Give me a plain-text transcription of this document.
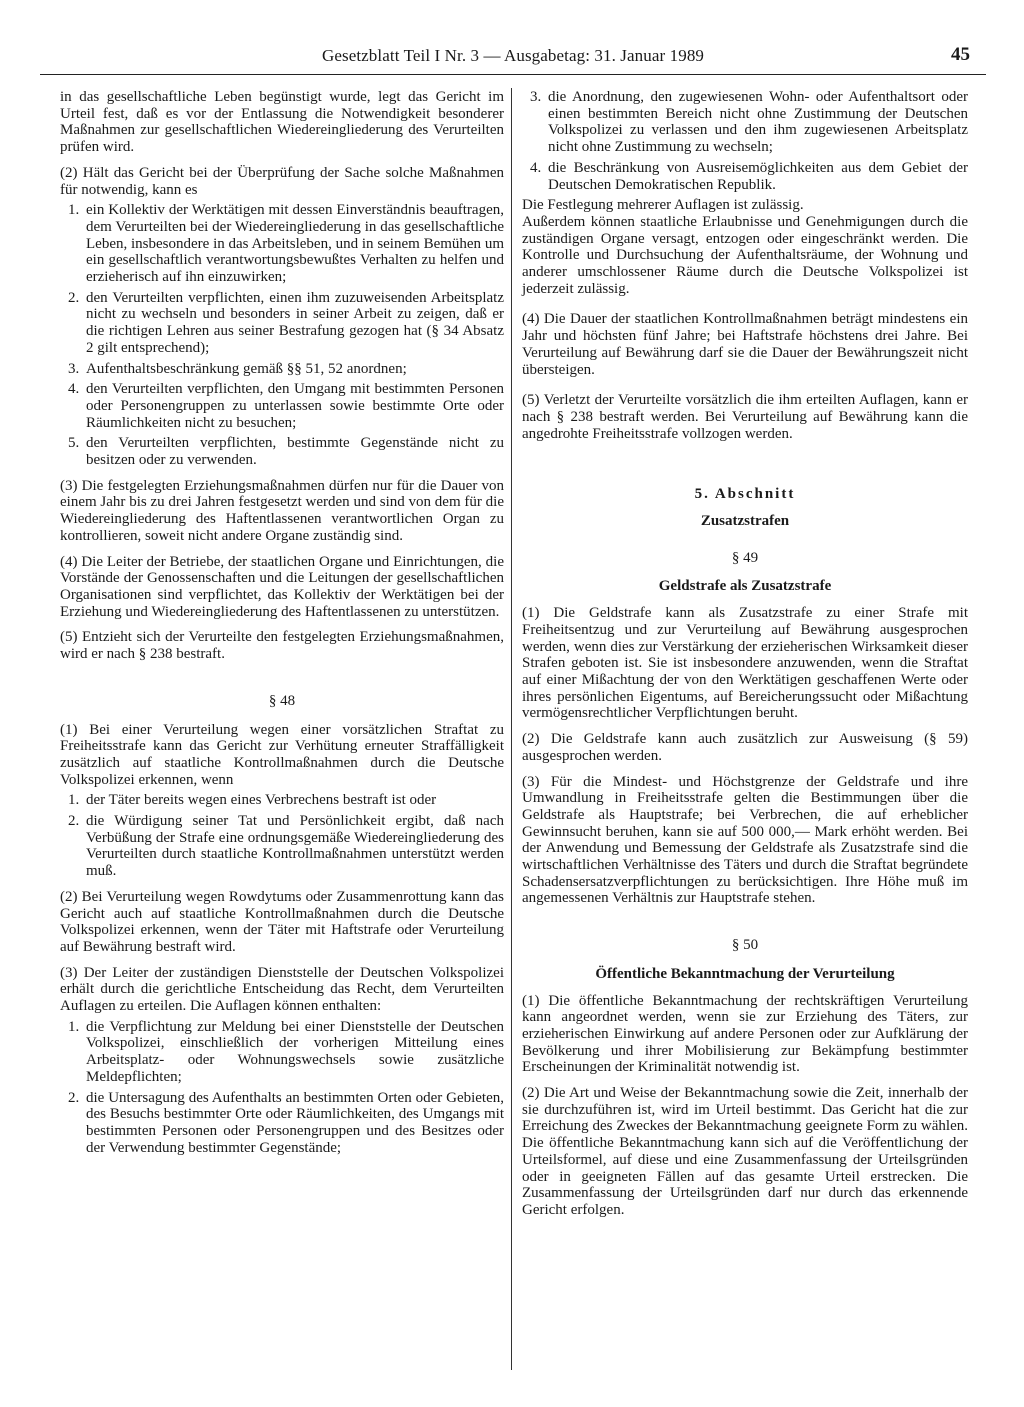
Gesetzblatt Teil I Nr. 3 — Ausgabetag: 31. Januar 1989	45

in das gesellschaftliche Leben begünstigt wurde, legt das Gericht im Urteil fest, daß es vor der Entlassung die Notwendigkeit besonderer Maßnahmen zur gesellschaftlichen Wiedereingliederung des Verurteilten prüfen wird.

(2) Hält das Gericht bei der Überprüfung der Sache solche Maßnahmen für notwendig, kann es

1. ein Kollektiv der Werktätigen mit dessen Einverständnis beauftragen, dem Verurteilten bei der Wiedereingliederung in das gesellschaftliche Leben, insbesondere in das Arbeitsleben, und in seinem Bemühen um ein gesellschaftlich verantwortungsbewußtes Verhalten zu helfen und erzieherisch auf ihn einzuwirken;
2. den Verurteilten verpflichten, einen ihm zuzuweisenden Arbeitsplatz nicht zu wechseln und besonders in seiner Arbeit zu zeigen, daß er die richtigen Lehren aus seiner Bestrafung gezogen hat (§ 34 Absatz 2 gilt entsprechend);
3. Aufenthaltsbeschränkung gemäß §§ 51, 52 anordnen;
4. den Verurteilten verpflichten, den Umgang mit bestimmten Personen oder Personengruppen zu unterlassen sowie bestimmte Orte oder Räumlichkeiten nicht zu besuchen;
5. den Verurteilten verpflichten, bestimmte Gegenstände nicht zu besitzen oder zu verwenden.

(3) Die festgelegten Erziehungsmaßnahmen dürfen nur für die Dauer von einem Jahr bis zu drei Jahren festgesetzt werden und sind von dem für die Wiedereingliederung des Haftentlassenen verantwortlichen Organ zu kontrollieren, soweit nicht andere Organe zuständig sind.

(4) Die Leiter der Betriebe, der staatlichen Organe und Einrichtungen, die Vorstände der Genossenschaften und die Leitungen der gesellschaftlichen Organisationen sind verpflichtet, das Kollektiv der Werktätigen bei der Erziehung und Wiedereingliederung des Haftentlassenen zu unterstützen.

(5) Entzieht sich der Verurteilte den festgelegten Erziehungsmaßnahmen, wird er nach § 238 bestraft.

§ 48

(1) Bei einer Verurteilung wegen einer vorsätzlichen Straftat zu Freiheitsstrafe kann das Gericht zur Verhütung erneuter Straffälligkeit zusätzlich auf staatliche Kontrollmaßnahmen durch die Deutsche Volkspolizei erkennen, wenn

1. der Täter bereits wegen eines Verbrechens bestraft ist oder
2. die Würdigung seiner Tat und Persönlichkeit ergibt, daß nach Verbüßung der Strafe eine ordnungsgemäße Wiedereingliederung des Verurteilten durch staatliche Kontrollmaßnahmen unterstützt werden muß.

(2) Bei Verurteilung wegen Rowdytums oder Zusammenrottung kann das Gericht auch auf staatliche Kontrollmaßnahmen durch die Deutsche Volkspolizei erkennen, wenn der Täter mit Haftstrafe oder Verurteilung auf Bewährung bestraft wird.

(3) Der Leiter der zuständigen Dienststelle der Deutschen Volkspolizei erhält durch die gerichtliche Entscheidung das Recht, dem Verurteilten Auflagen zu erteilen. Die Auflagen können enthalten:

1. die Verpflichtung zur Meldung bei einer Dienststelle der Deutschen Volkspolizei, einschließlich der vorherigen Mitteilung eines Arbeitsplatz- oder Wohnungswechsels sowie zusätzliche Meldepflichten;
2. die Untersagung des Aufenthalts an bestimmten Orten oder Gebieten, des Besuchs bestimmter Orte oder Räumlichkeiten, des Umgangs mit bestimmten Personen oder Personengruppen und des Besitzes oder der Verwendung bestimmter Gegenstände;
3. die Anordnung, den zugewiesenen Wohn- oder Aufenthaltsort oder einen bestimmten Bereich nicht ohne Zustimmung der Deutschen Volkspolizei zu verlassen und den ihm zugewiesenen Arbeitsplatz nicht ohne Zustimmung zu wechseln;
4. die Beschränkung von Ausreisemöglichkeiten aus dem Gebiet der Deutschen Demokratischen Republik.

Die Festlegung mehrerer Auflagen ist zulässig.

Außerdem können staatliche Erlaubnisse und Genehmigungen durch die zuständigen Organe versagt, entzogen oder eingeschränkt werden. Die Kontrolle und Durchsuchung der Aufenthaltsräume, der Wohnung und anderer umschlossener Räume durch die Deutsche Volkspolizei ist jederzeit zulässig.

(4) Die Dauer der staatlichen Kontrollmaßnahmen beträgt mindestens ein Jahr und höchsten fünf Jahre; bei Haftstrafe höchstens drei Jahre. Bei Verurteilung auf Bewährung darf sie die Dauer der Bewährungszeit nicht übersteigen.

(5) Verletzt der Verurteilte vorsätzlich die ihm erteilten Auflagen, kann er nach § 238 bestraft werden. Bei Verurteilung auf Bewährung kann die angedrohte Freiheitsstrafe vollzogen werden.

5. Abschnitt
Zusatzstrafen
§ 49
Geldstrafe als Zusatzstrafe

(1) Die Geldstrafe kann als Zusatzstrafe zu einer Strafe mit Freiheitsentzug und zur Verurteilung auf Bewährung ausgesprochen werden, wenn dies zur Verstärkung der erzieherischen Wirksamkeit dieser Strafen geboten ist. Sie ist insbesondere anzuwenden, wenn die Straftat auf einer Mißachtung der von den Werktätigen geschaffenen Werte oder ihres persönlichen Eigentums, auf Bereicherungssucht oder Mißachtung vermögensrechtlicher Verpflichtungen beruht.

(2) Die Geldstrafe kann auch zusätzlich zur Ausweisung (§ 59) ausgesprochen werden.

(3) Für die Mindest- und Höchstgrenze der Geldstrafe und ihre Umwandlung in Freiheitsstrafe gelten die Bestimmungen über die Geldstrafe als Hauptstrafe; bei Verbrechen, die auf erheblicher Gewinnsucht beruhen, kann sie auf 500 000,— Mark erhöht werden. Bei der Anwendung und Bemessung der Geldstrafe als Zusatzstrafe sind die wirtschaftlichen Verhältnisse des Täters und durch die Straftat begründete Schadensersatzverpflichtungen zu berücksichtigen. Ihre Höhe muß im angemessenen Verhältnis zur Hauptstrafe stehen.

§ 50
Öffentliche Bekanntmachung der Verurteilung

(1) Die öffentliche Bekanntmachung der rechtskräftigen Verurteilung kann angeordnet werden, wenn sie zur Erziehung des Täters, zur erzieherischen Einwirkung auf andere Personen oder zur Aufklärung der Bevölkerung und ihrer Mobilisierung zur Bekämpfung bestimmter Erscheinungen der Kriminalität notwendig ist.

(2) Die Art und Weise der Bekanntmachung sowie die Zeit, innerhalb der sie durchzuführen ist, wird im Urteil bestimmt. Das Gericht hat die zur Erreichung des Zweckes der Bekanntmachung geeignete Form zu wählen. Die öffentliche Bekanntmachung kann sich auf die Veröffentlichung der Urteilsformel, auf diese und eine Zusammenfassung der Urteilsgründen oder in geeigneten Fällen auf das gesamte Urteil erstrecken. Die Zusammenfassung der Urteilsgründen darf nur durch das erkennende Gericht erfolgen.
